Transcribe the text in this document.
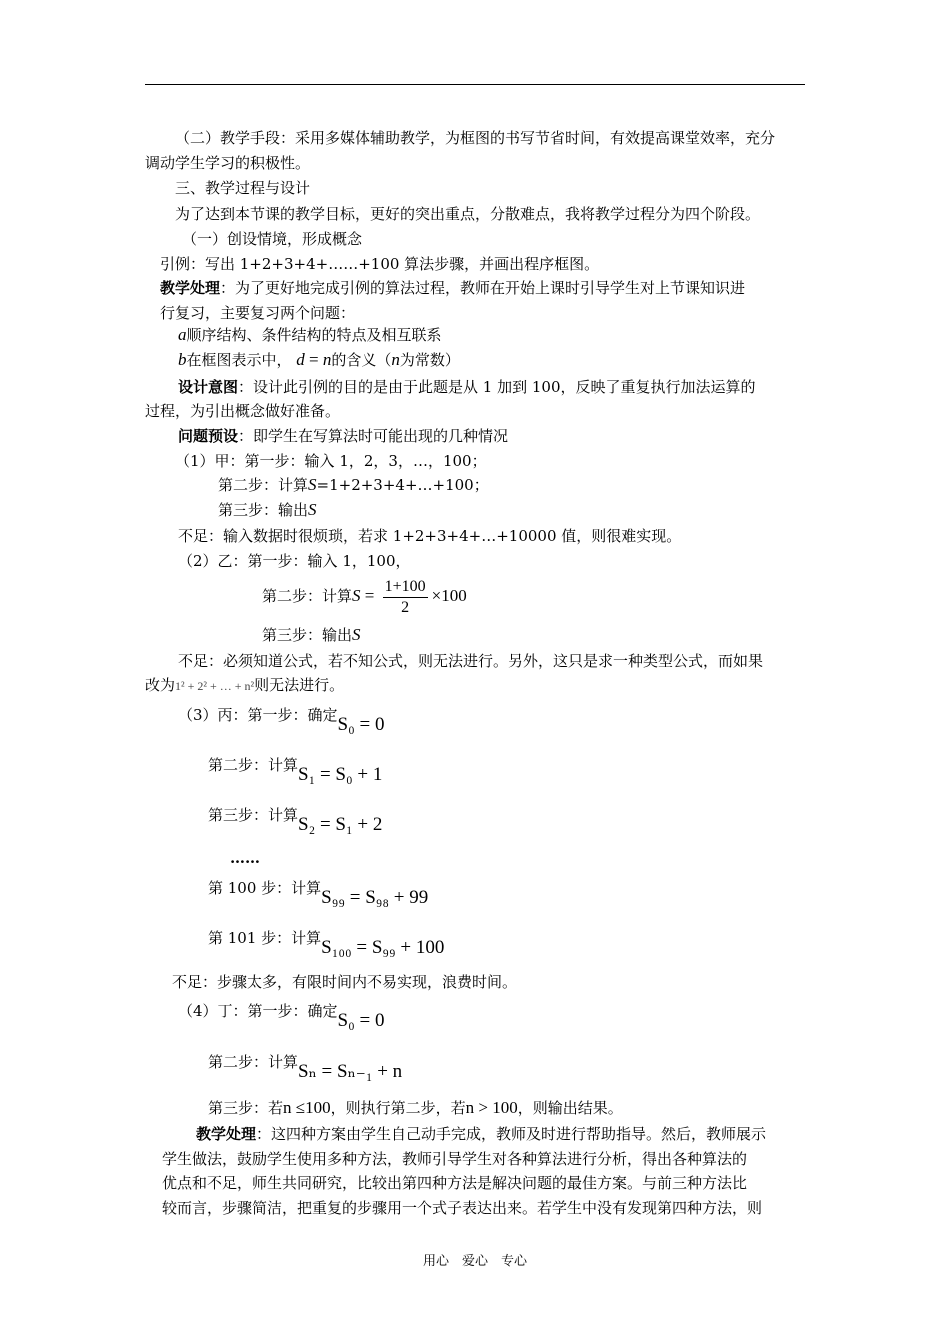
（二）教学手段：采用多媒体辅助教学，为框图的书写节省时间，有效提高课堂效率，充分
调动学生学习的积极性。
三、教学过程与设计
为了达到本节课的教学目标，更好的突出重点，分散难点，我将教学过程分为四个阶段。
（一）创设情境，形成概念
引例：写出 1+2+3+4+……+100 算法步骤，并画出程序框图。
教学处理：为了更好地完成引例的算法过程，教师在开始上课时引导学生对上节课知识进
行复习，主要复习两个问题：
a顺序结构、条件结构的特点及相互联系
b在框图表示中， d = n的含义（n为常数）
设计意图：设计此引例的目的是由于此题是从 1 加到 100，反映了重复执行加法运算的
过程，为引出概念做好准备。
问题预设：即学生在写算法时可能出现的几种情况
（1）甲：第一步：输入 1，2，3，…，100；
第二步：计算S=1+2+3+4+…+100；
第三步：输出S
不足：输入数据时很烦琐，若求 1+2+3+4+…+10000 值，则很难实现。
（2）乙：第一步：输入 1，100，
第二步：计算$S = \frac{1+100}{2} \times 100$
第三步：输出S
不足：必须知道公式，若不知公式，则无法进行。另外，这只是求一种类型公式，而如果
改为1² + 2² + … + n²则无法进行。
（3）丙：第一步：确定S₀ = 0
第二步：计算S₁ = S₀ + 1
第三步：计算S₂ = S₁ + 2
……
第 100 步：计算S₉₉ = S₉₈ + 99
第 101 步：计算S₁₀₀ = S₉₉ + 100
不足：步骤太多，有限时间内不易实现，浪费时间。
（4）丁：第一步：确定S₀ = 0
第二步：计算Sₙ = Sₙ₋₁ + n
第三步：若n ≤100，则执行第二步，若n > 100，则输出结果。
教学处理：这四种方案由学生自己动手完成，教师及时进行帮助指导。然后，教师展示
学生做法，鼓励学生使用多种方法，教师引导学生对各种算法进行分析，得出各种算法的
优点和不足，师生共同研究，比较出第四种方法是解决问题的最佳方案。与前三种方法比
较而言，步骤简洁，把重复的步骤用一个式子表达出来。若学生中没有发现第四种方法，则
用心　爱心　专心
